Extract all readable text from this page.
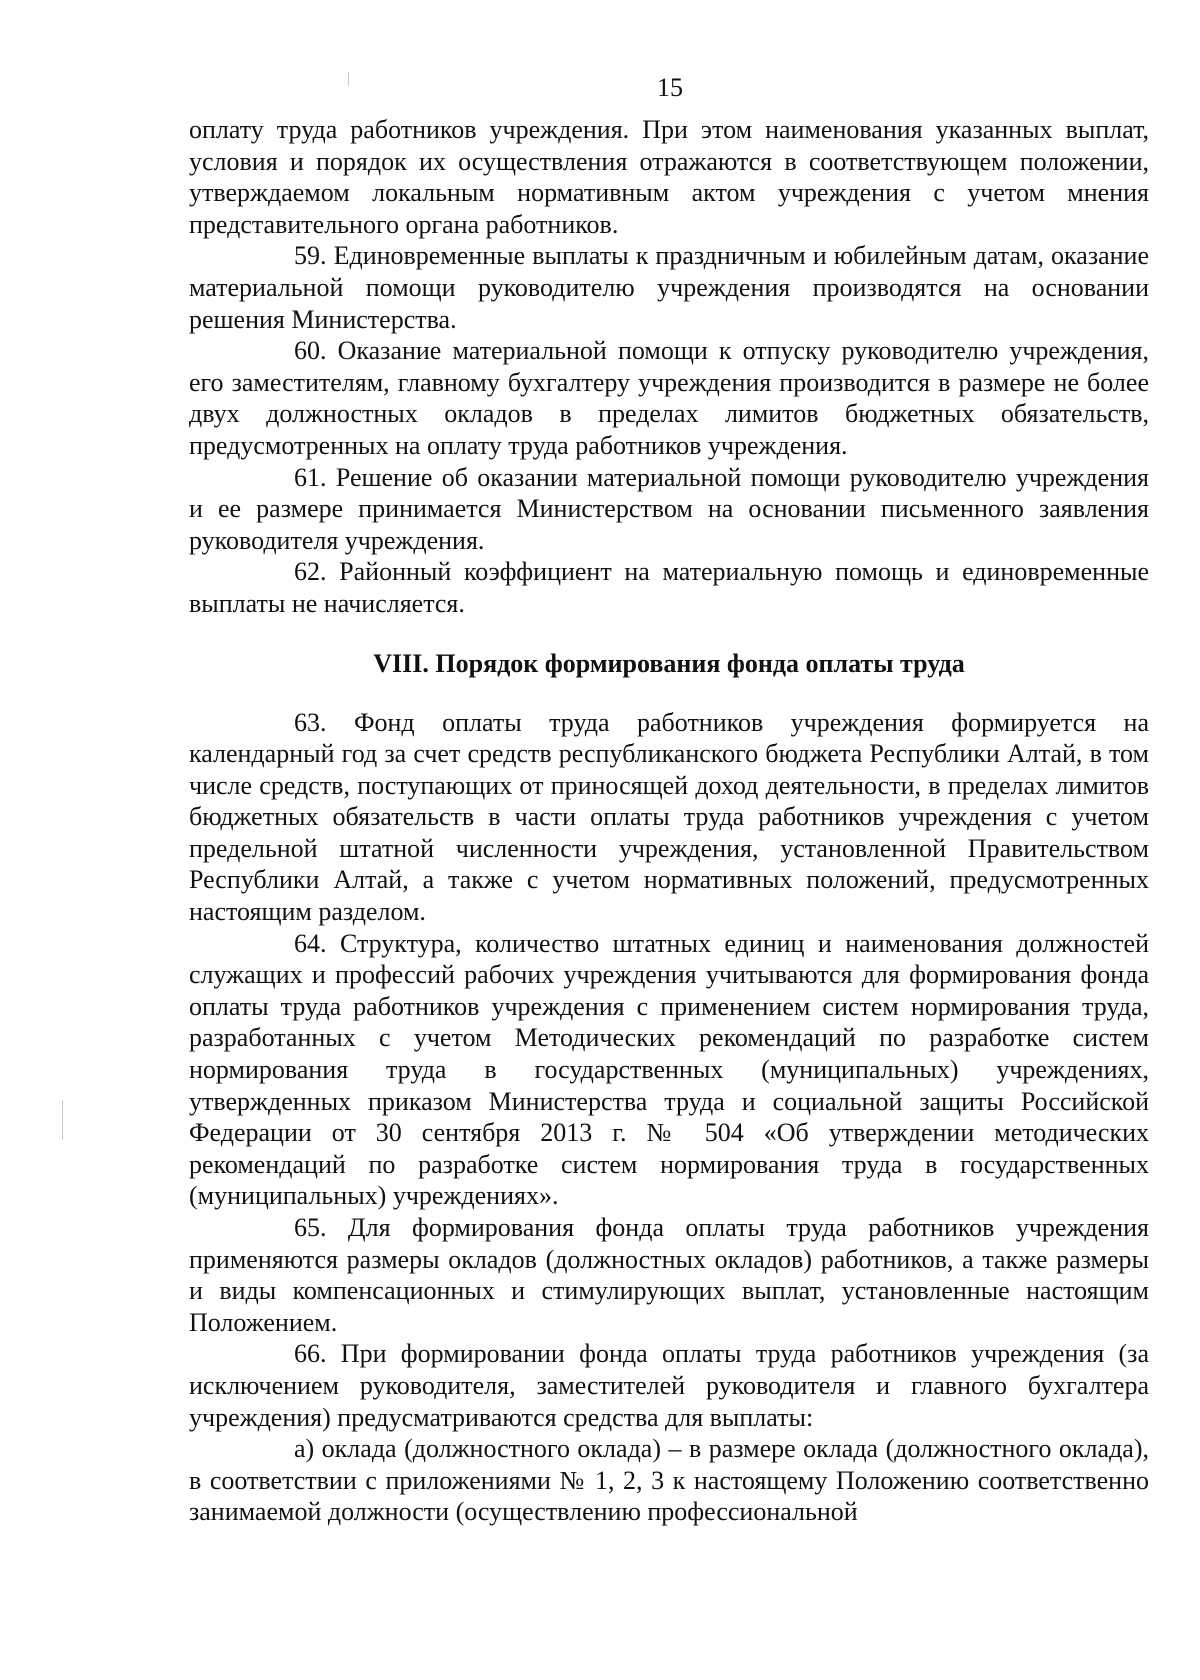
15

оплату труда работников учреждения. При этом наименования указанных выплат, условия и порядок их осуществления отражаются в соответствующем положении, утверждаемом локальным нормативным актом учреждения с учетом мнения представительного органа работников.

59. Единовременные выплаты к праздничным и юбилейным датам, оказание материальной помощи руководителю учреждения производятся на основании решения Министерства.

60. Оказание материальной помощи к отпуску руководителю учреждения, его заместителям, главному бухгалтеру учреждения производится в размере не более двух должностных окладов в пределах лимитов бюджетных обязательств, предусмотренных на оплату труда работников учреждения.

61. Решение об оказании материальной помощи руководителю учреждения и ее размере принимается Министерством на основании письменного заявления руководителя учреждения.

62. Районный коэффициент на материальную помощь и единовременные выплаты не начисляется.

VIII. Порядок формирования фонда оплаты труда

63. Фонд оплаты труда работников учреждения формируется на календарный год за счет средств республиканского бюджета Республики Алтай, в том числе средств, поступающих от приносящей доход деятельности, в пределах лимитов бюджетных обязательств в части оплаты труда работников учреждения с учетом предельной штатной численности учреждения, установленной Правительством Республики Алтай, а также с учетом нормативных положений, предусмотренных настоящим разделом.

64. Структура, количество штатных единиц и наименования должностей служащих и профессий рабочих учреждения учитываются для формирования фонда оплаты труда работников учреждения с применением систем нормирования труда, разработанных с учетом Методических рекомендаций по разработке систем нормирования труда в государственных (муниципальных) учреждениях, утвержденных приказом Министерства труда и социальной защиты Российской Федерации от 30 сентября 2013 г. № 504 «Об утверждении методических рекомендаций по разработке систем нормирования труда в государственных (муниципальных) учреждениях».

65. Для формирования фонда оплаты труда работников учреждения применяются размеры окладов (должностных окладов) работников, а также размеры и виды компенсационных и стимулирующих выплат, установленные настоящим Положением.

66. При формировании фонда оплаты труда работников учреждения (за исключением руководителя, заместителей руководителя и главного бухгалтера учреждения) предусматриваются средства для выплаты:

а) оклада (должностного оклада) – в размере оклада (должностного оклада), в соответствии с приложениями № 1, 2, 3 к настоящему Положению соответственно занимаемой должности (осуществлению профессиональной
